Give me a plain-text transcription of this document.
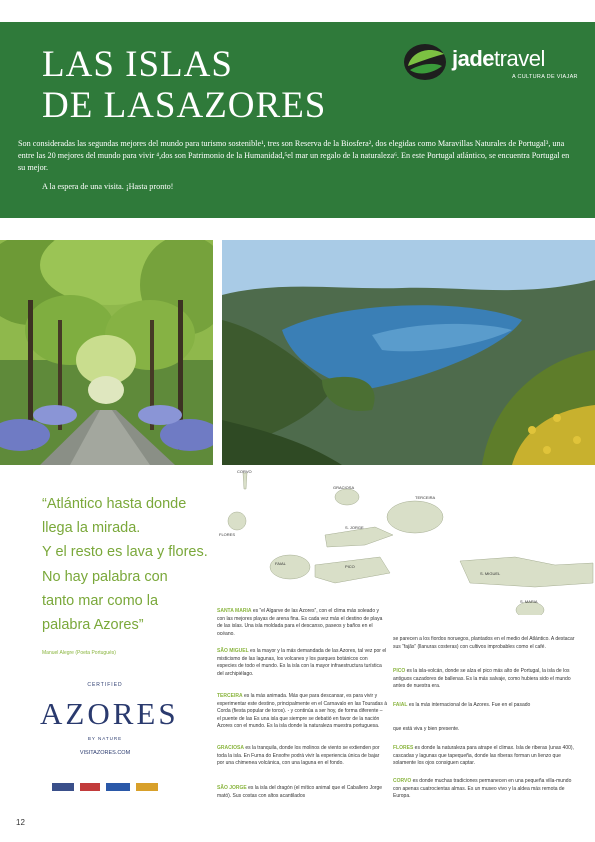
LAS ISLAS
DE LASAZORES
Son consideradas las segundas mejores del mundo para turismo sostenible¹, tres son Reserva de la Biosfera², dos elegidas como Maravillas Naturales de Portugal³, una entre las 20 mejores del mundo para vivir ⁴,dos son Patrimonio de la Humanidad,⁵el mar un regalo de la naturaleza⁶. En este Portugal atlántico, se encuentra Portugal en su mejor.
A la espera de una visita. ¡Hasta pronto!
jadetravel
A CULTURA DE VIAJAR
“Atlántico hasta donde
llega la mirada.
Y el resto es lava y flores.
No hay palabra con
tanto mar como la
palabra Azores”
Manuel Alegre (Poeta Portugués)
CERTIFIED
AZORES
BY NATURE
VISITAZORES.COM
CORVO
FLORES
GRACIOSA
TERCEIRA
S. JORGE
PICO
FAIAL
S. MIGUEL
S. MARIA
SANTA MARIA es “el Algarve de las Azores”, con el clima más soleado y con las mejores playas de arena fina. Es cada vez más el destino de playa de las islas. Una isla moldada para el descanso, paseos y baños en el océano.
SÃO MIGUEL es la mayor y la más demandada de las Azores, tal vez por el misticismo de las lagunas, los volcanes y los parques botánicos con especies de todo el mundo. Es la isla con la mayor infraestructura turística del archipiélago.
TERCEIRA es la más animada. Más que para descansar, es para vivir y experimentar este destino, principalmente en el Carnavalo en las Touradas à Corda (fiesta popular de toros). - y continúa a ser hoy, de forma diferente – el puente de las Es una isla que siempre se debatió en favor de la nación Azores con el mundo. Es la isla donde la naturaleza muestra portuguesa.
GRACIOSA es la tranquila, donde los molinos de viento se extienden por toda la isla. En Furna do Enxofre podrá vivir la experiencia única de bajar por una chimenea volcánica, con una laguna en el fondo.
SÃO JORGE es la isla del dragón (el mítico animal que el Caballero Jorge mató). Sus costas con altos acantilados
se parecen a los fiordos noruegos, plantados en el medio del Atlántico. A destacar sus “fajãs” (llanuras costeras) con cultivos improbables como el café.
PICO es la isla-volcán, donde se alza el pico más alto de Portugal, la isla de los antiguos cazadores de ballenas. Es la más salvaje, como hubiera sido el mundo antes de nuestra era.
FAIAL es la más internacional de la Azores. Fue en el pasado
que está viva y bien presente.
FLORES es donde la naturaleza para atrape el climax. Isla de riberas (unas 400), cascadas y lagunas que tapequeña, donde las riberas forman un lienzo que solamente los ojos consiguen captar.
CORVO es donde muchas tradiciones permanecen en una pequeña villa-mundo con apenas cuatrocientas almas. Es un museo vivo y la aldea más remota de Europa.
12
